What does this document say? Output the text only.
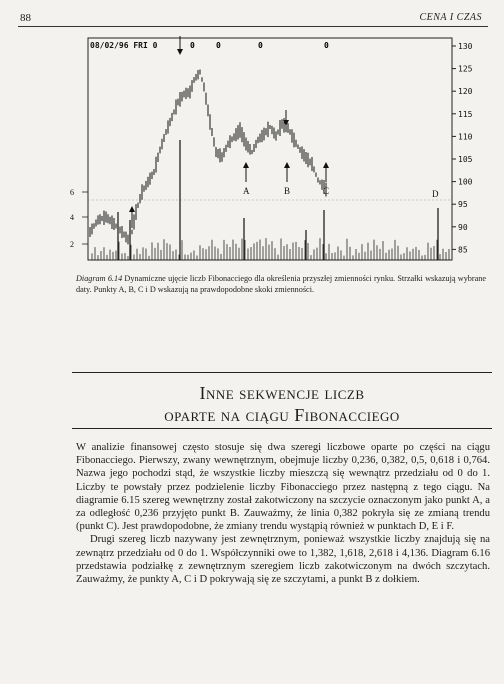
88	CENA I CZAS
08/02/96 FRI 0	0	0	0	0	130
125
120
115
110
105
100
95
90
85
6
4
2
A	B	C	D
Diagram 6.14 Dynamiczne ujęcie liczb Fibonacciego dla określenia przyszłej zmienności rynku. Strzałki wskazują wybrane daty. Punkty A, B, C i D wskazują na prawdopodobne skoki zmienności.
Inne sekwencje liczb
oparte na ciągu Fibonacciego

W analizie finansowej często stosuje się dwa szeregi liczbowe oparte po części na ciągu Fibonacciego. Pierwszy, zwany wewnętrznym, obejmuje liczby 0,236, 0,382, 0,5, 0,618 i 0,764. Nazwa jego pochodzi stąd, że wszystkie liczby mieszczą się wewnątrz przedziału od 0 do 1. Liczby te powstały przez podzielenie liczby Fibonacciego przez następną z tego ciągu. Na diagramie 6.15 szereg wewnętrzny został zakotwiczony na szczycie oznaczonym jako punkt A, a za odległość 0,236 przyjęto punkt B. Zauważmy, że linia 0,382 pokryła się ze zmianą trendu (punkt C). Jest prawdopodobne, że zmiany trendu wystąpią również w punktach D, E i F.

Drugi szereg liczb nazywany jest zewnętrznym, ponieważ wszystkie liczby znajdują się na zewnątrz przedziału od 0 do 1. Współczynniki owe to 1,382, 1,618, 2,618 i 4,136. Diagram 6.16 przedstawia podziałkę z zewnętrznym szeregiem liczb zakotwiczonym na dwóch szczytach. Zauważmy, że punkty A, C i D pokrywają się ze szczytami, a punkt B z dołkiem.
